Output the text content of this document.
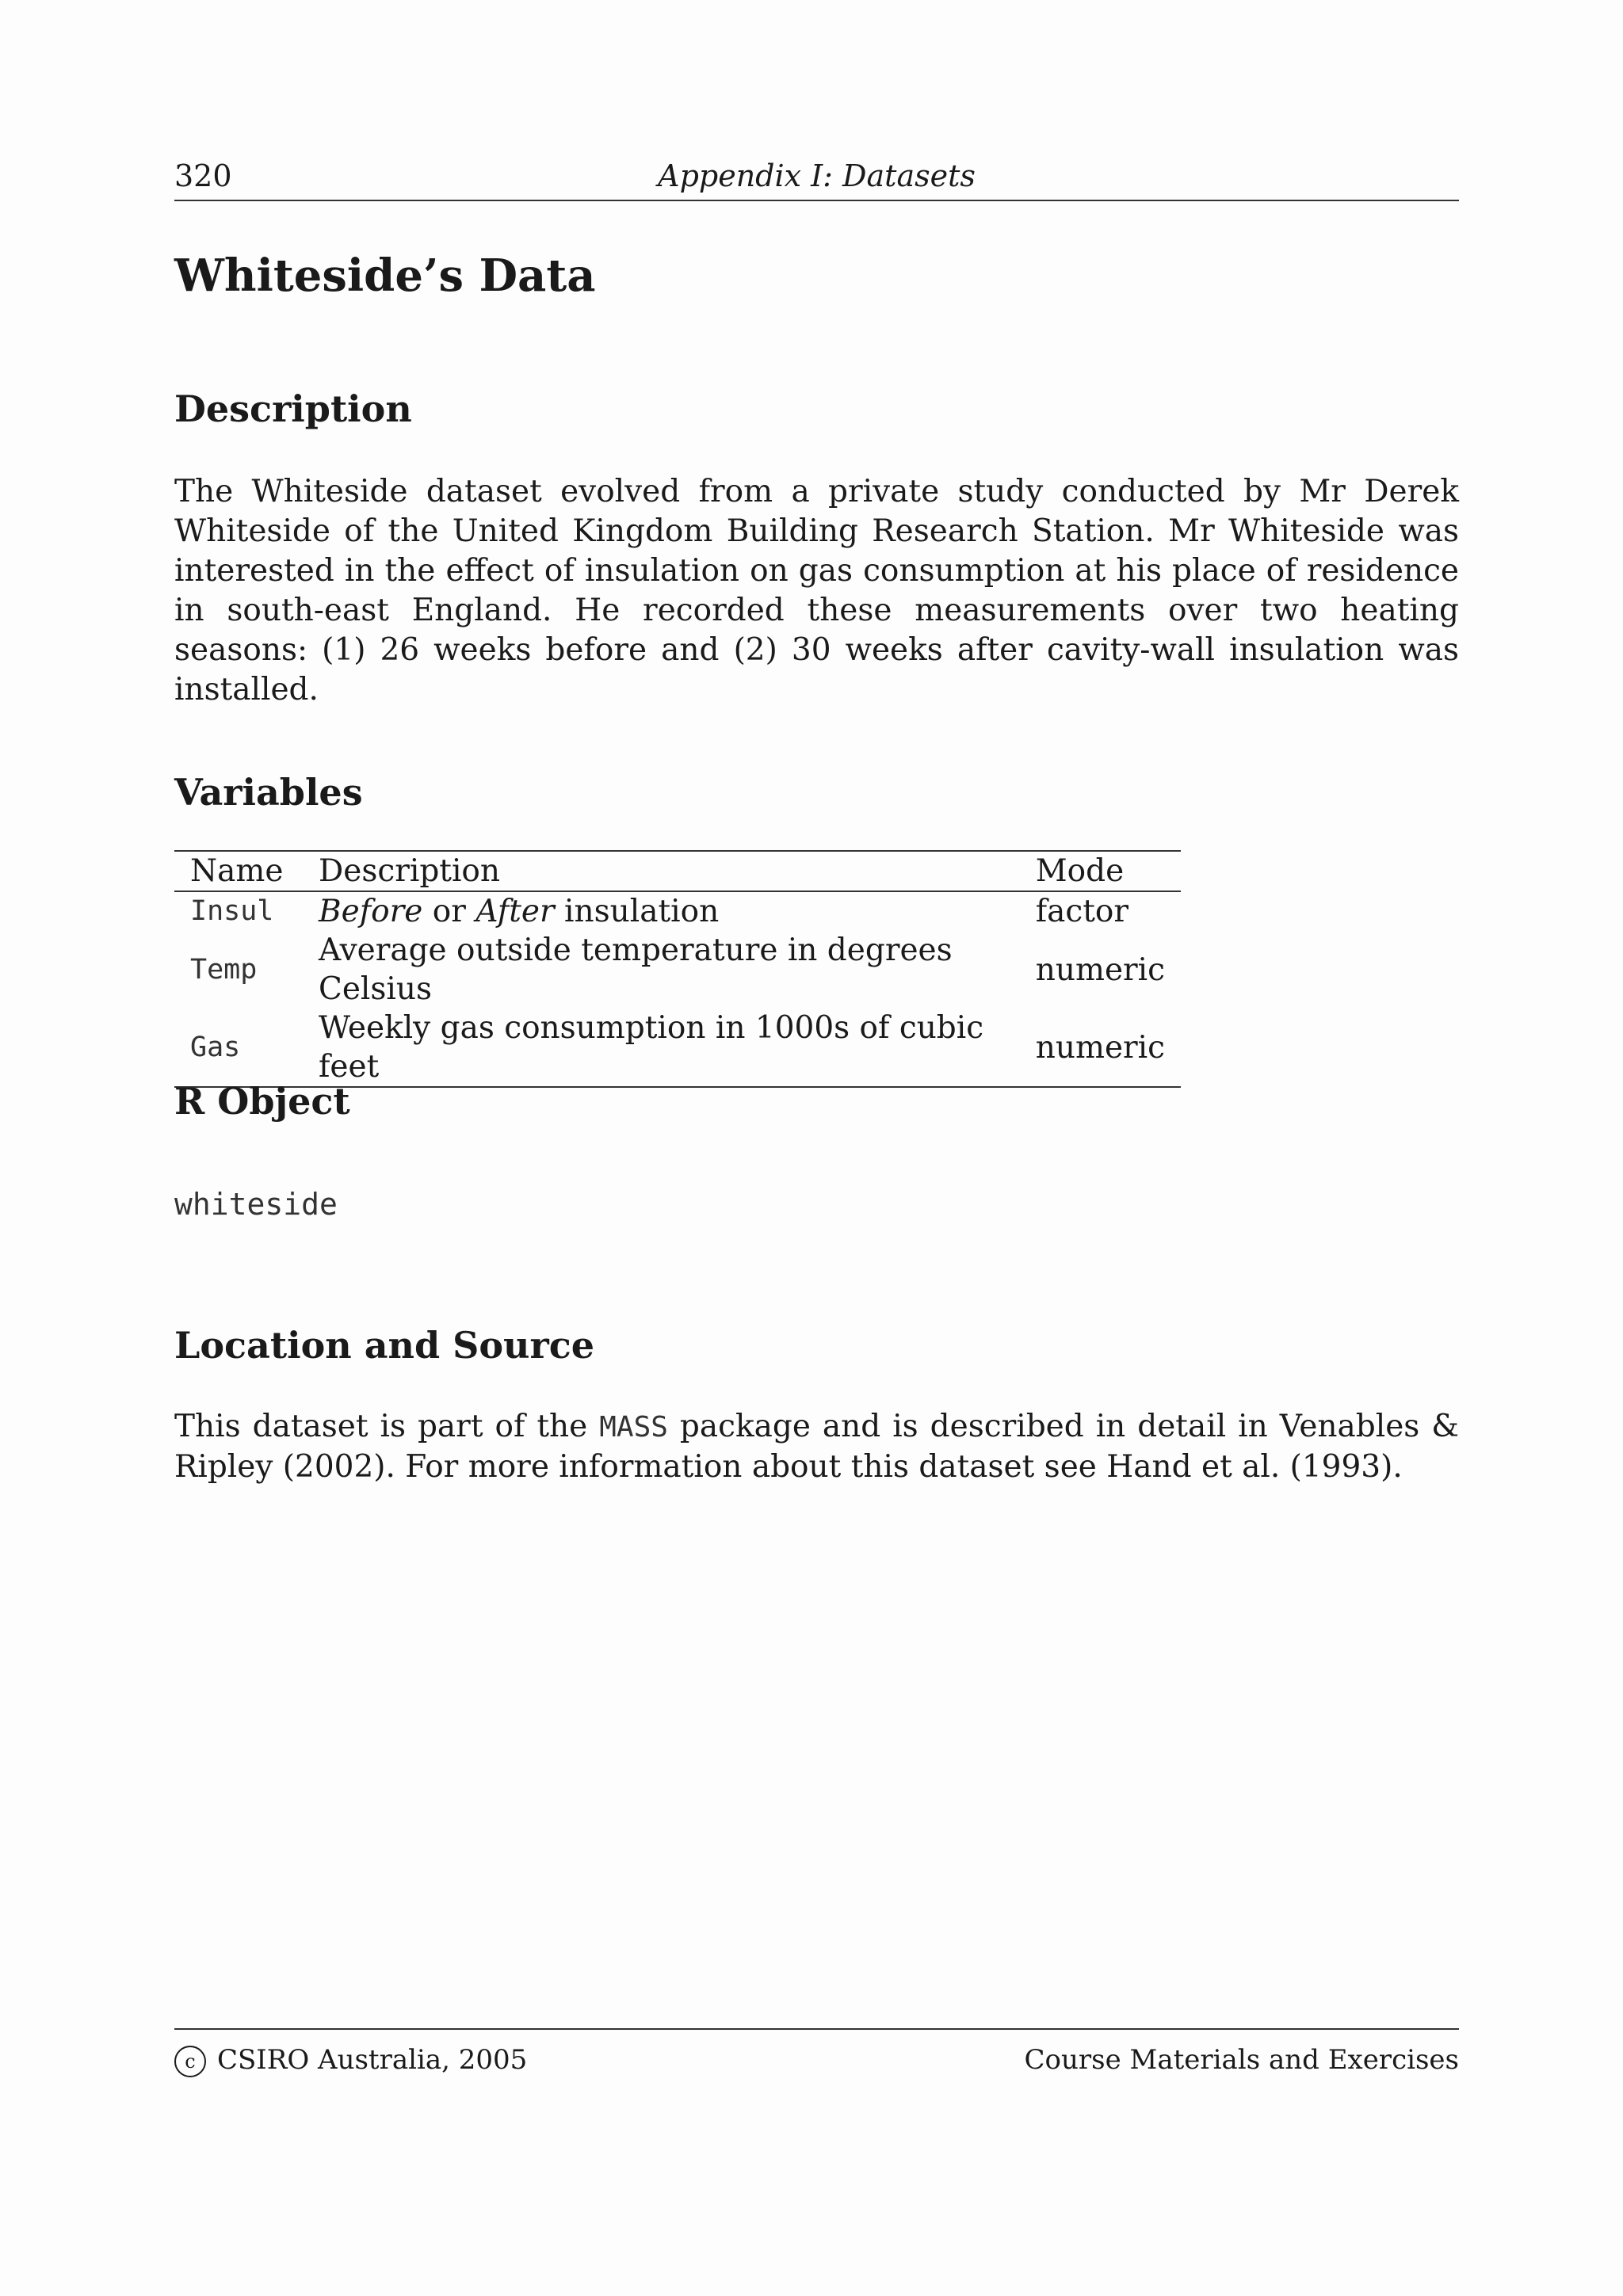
320	Appendix I: Datasets
Whiteside’s Data
Description

The Whiteside dataset evolved from a private study conducted by Mr Derek Whiteside of the United Kingdom Building Research Station. Mr Whiteside was interested in the effect of insulation on gas consumption at his place of residence in south-east England. He recorded these measurements over two heating seasons: (1) 26 weeks before and (2) 30 weeks after cavity-wall insulation was installed.

Variables
Name	Description	Mode
Insul	Before or After insulation	factor
Temp	Average outside temperature in degrees Celsius	numeric
Gas	Weekly gas consumption in 1000s of cubic feet	numeric
R Object

whiteside

Location and Source

This dataset is part of the MASS package and is described in detail in Venables & Ripley (2002). For more information about this dataset see Hand et al. (1993).

c CSIRO Australia, 2005	Course Materials and Exercises
